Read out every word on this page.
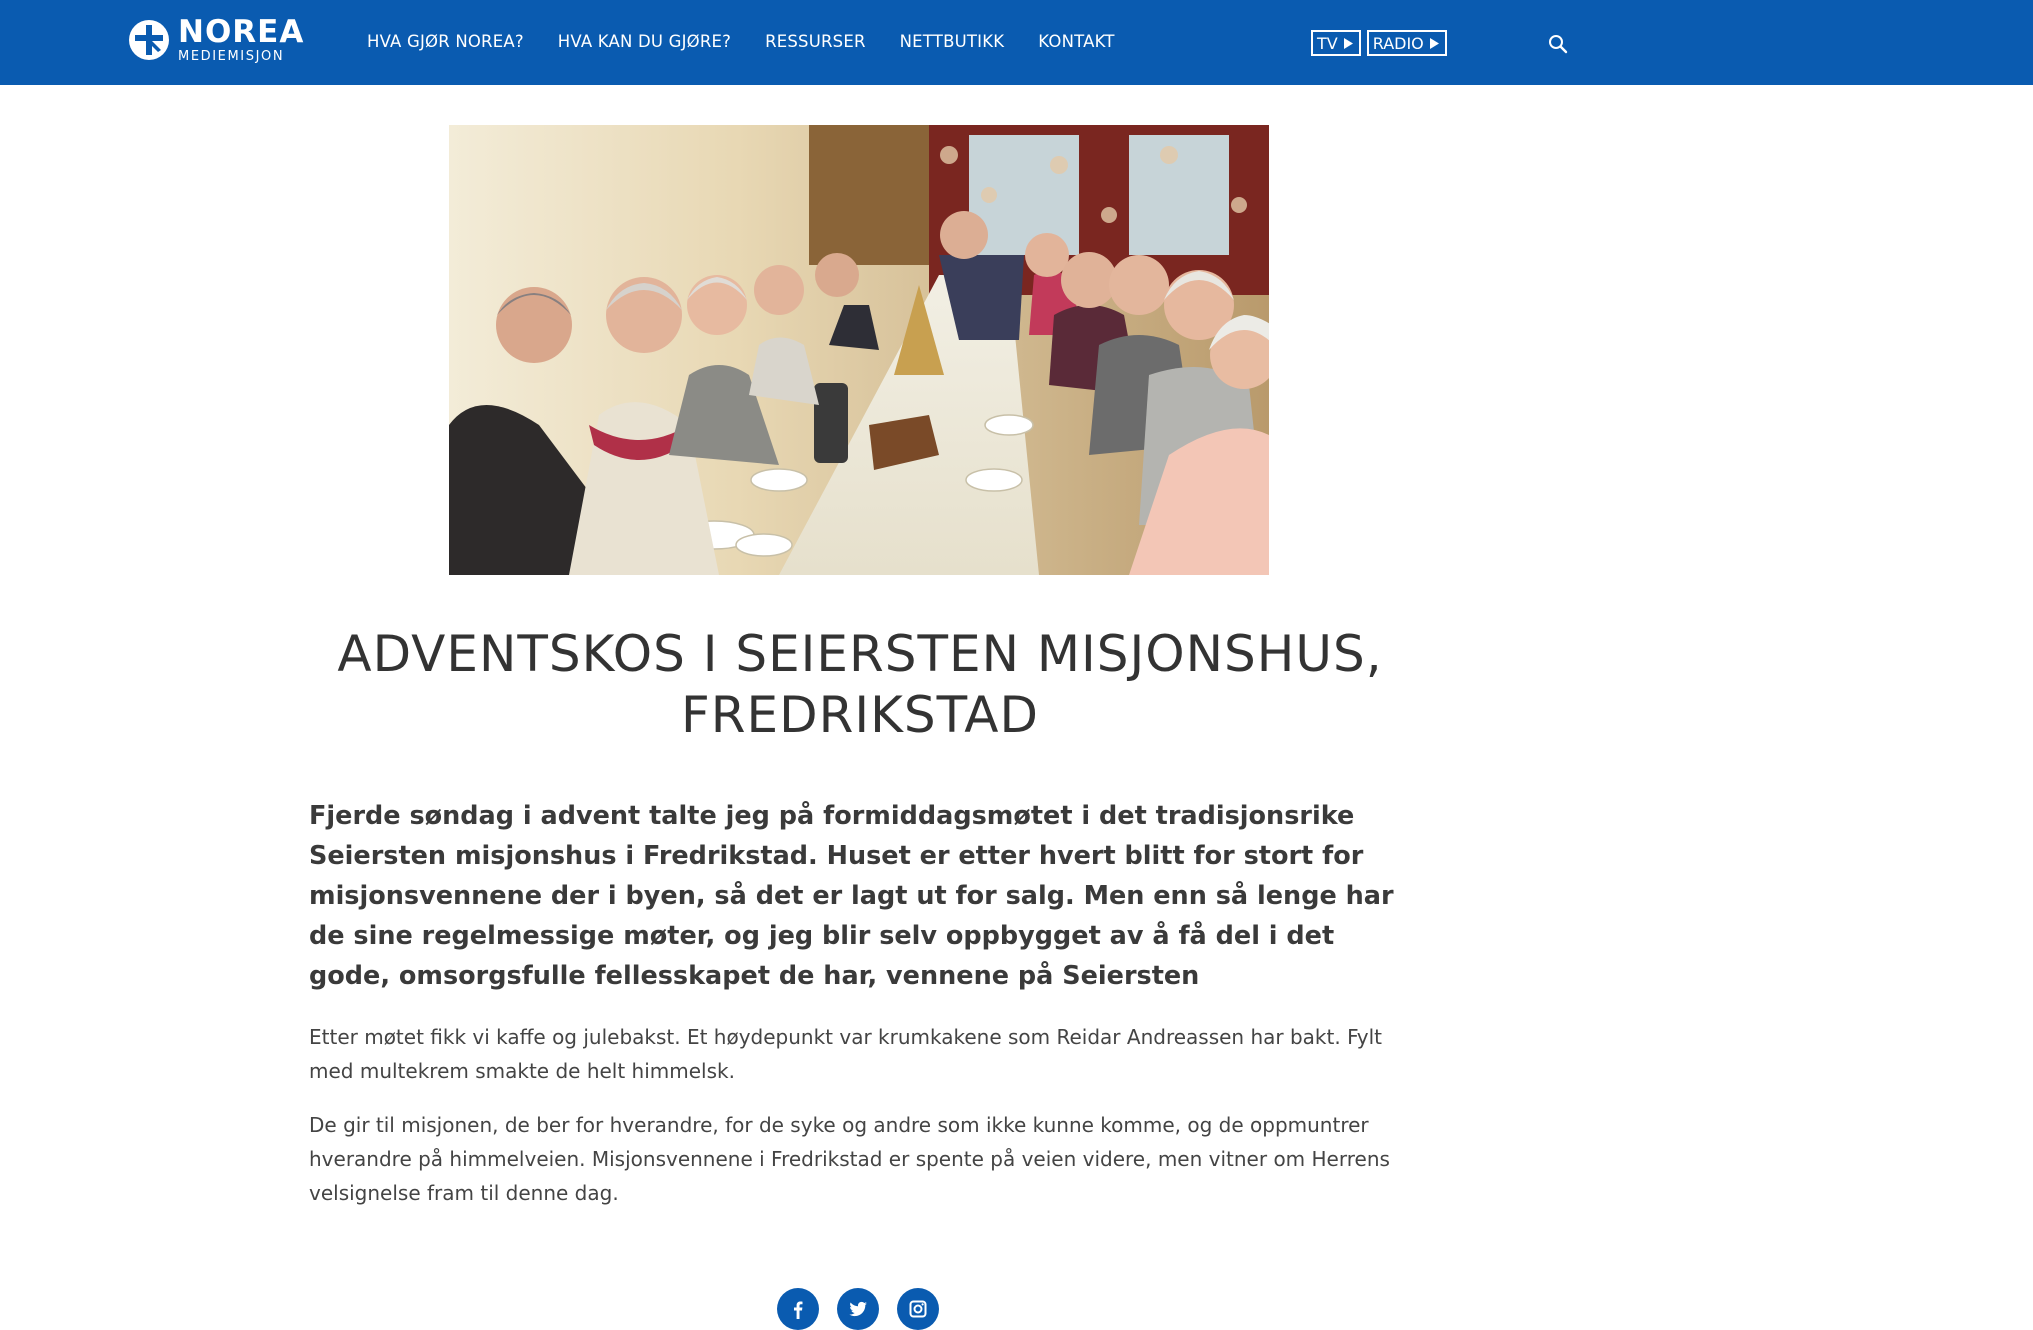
NOREA
MEDIEMISJON
HVA GJØR NOREA? HVA KAN DU GJØRE? RESSURSER NETTBUTIKK KONTAKT	TV RADIO
ADVENTSKOS I SEIERSTEN MISJONSHUS, FREDRIKSTAD

Fjerde søndag i advent talte jeg på formiddagsmøtet i det tradisjonsrike Seiersten misjonshus i Fredrikstad. Huset er etter hvert blitt for stort for misjonsvennene der i byen, så det er lagt ut for salg. Men enn så lenge har de sine regelmessige møter, og jeg blir selv oppbygget av å få del i det gode, omsorgsfulle fellesskapet de har, vennene på Seiersten

Etter møtet fikk vi kaffe og julebakst. Et høydepunkt var krumkakene som Reidar Andreassen har bakt. Fylt med multekrem smakte de helt himmelsk.

De gir til misjonen, de ber for hverandre, for de syke og andre som ikke kunne komme, og de oppmuntrer hverandre på himmelveien. Misjonsvennene i Fredrikstad er spente på veien videre, men vitner om Herrens velsignelse fram til denne dag.
